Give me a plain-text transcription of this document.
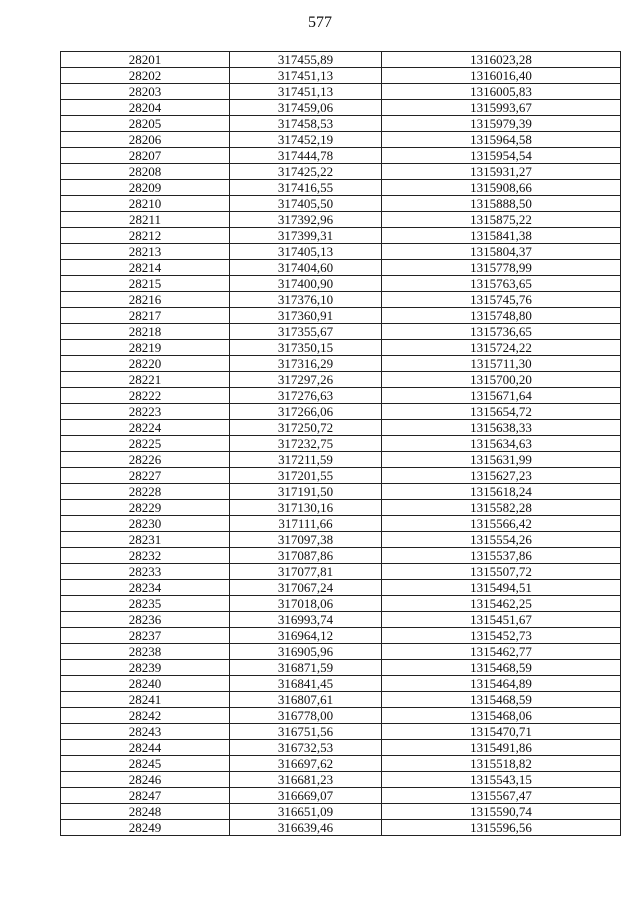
577
28201	317455,89	1316023,28
28202	317451,13	1316016,40
28203	317451,13	1316005,83
28204	317459,06	1315993,67
28205	317458,53	1315979,39
28206	317452,19	1315964,58
28207	317444,78	1315954,54
28208	317425,22	1315931,27
28209	317416,55	1315908,66
28210	317405,50	1315888,50
28211	317392,96	1315875,22
28212	317399,31	1315841,38
28213	317405,13	1315804,37
28214	317404,60	1315778,99
28215	317400,90	1315763,65
28216	317376,10	1315745,76
28217	317360,91	1315748,80
28218	317355,67	1315736,65
28219	317350,15	1315724,22
28220	317316,29	1315711,30
28221	317297,26	1315700,20
28222	317276,63	1315671,64
28223	317266,06	1315654,72
28224	317250,72	1315638,33
28225	317232,75	1315634,63
28226	317211,59	1315631,99
28227	317201,55	1315627,23
28228	317191,50	1315618,24
28229	317130,16	1315582,28
28230	317111,66	1315566,42
28231	317097,38	1315554,26
28232	317087,86	1315537,86
28233	317077,81	1315507,72
28234	317067,24	1315494,51
28235	317018,06	1315462,25
28236	316993,74	1315451,67
28237	316964,12	1315452,73
28238	316905,96	1315462,77
28239	316871,59	1315468,59
28240	316841,45	1315464,89
28241	316807,61	1315468,59
28242	316778,00	1315468,06
28243	316751,56	1315470,71
28244	316732,53	1315491,86
28245	316697,62	1315518,82
28246	316681,23	1315543,15
28247	316669,07	1315567,47
28248	316651,09	1315590,74
28249	316639,46	1315596,56
